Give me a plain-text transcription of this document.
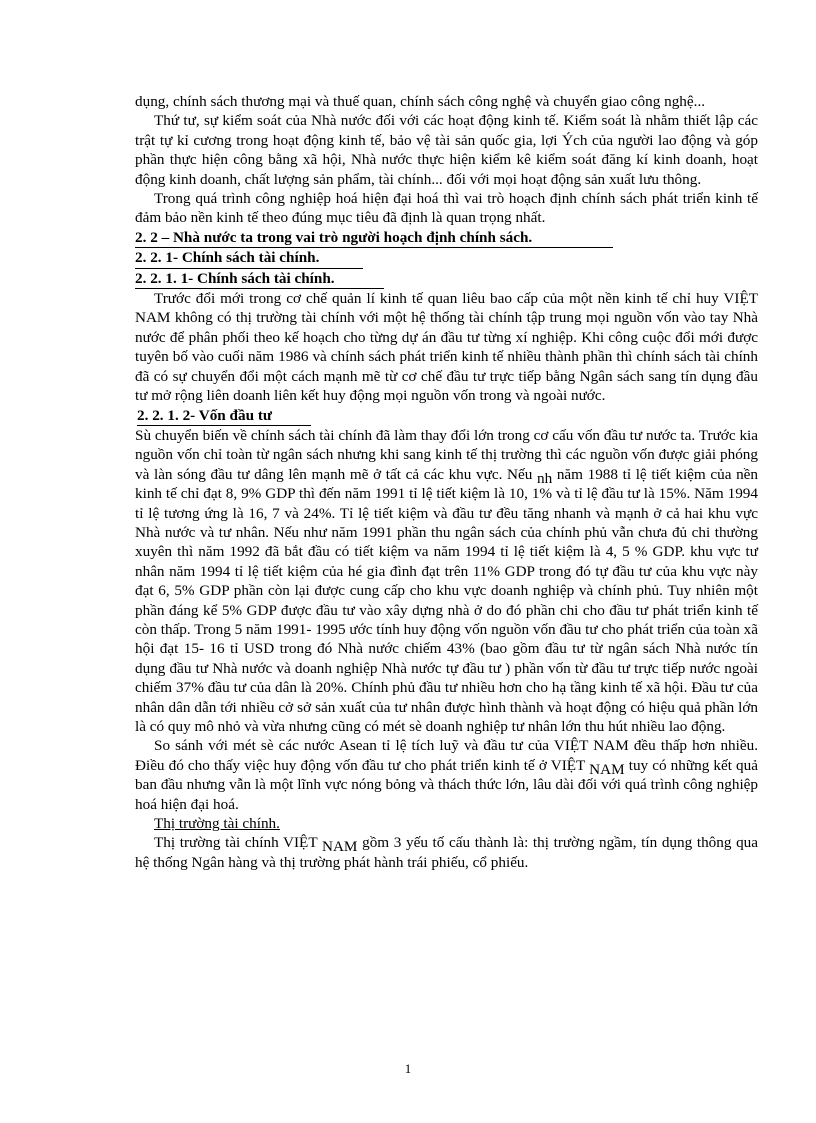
dụng, chính sách thương mại và thuế quan, chính sách công nghệ và chuyển giao công nghệ...

Thứ tư, sự kiểm soát của Nhà nước đối với các hoạt động kinh tế. Kiểm soát là nhằm thiết lập các trật tự kỉ cương trong hoạt động kinh tế, bảo vệ tài sản quốc gia, lợi Ých của người lao động và góp phần thực hiện công bằng xã hội, Nhà nước thực hiện kiểm kê kiểm soát đăng kí kinh doanh, hoạt động kinh doanh, chất lượng sản phẩm, tài chính... đối với mọi hoạt động sản xuất lưu thông.

Trong quá trình công nghiệp hoá hiện đại hoá thì vai trò hoạch định chính sách phát triển kinh tế đảm bảo nền kinh tế theo đúng mục tiêu đã định là quan trọng nhất.

2. 2 – Nhà nước ta trong vai trò người hoạch định chính sách.
2. 2. 1- Chính sách tài chính.
2. 2. 1. 1- Chính sách tài chính.

Trước đổi mới trong cơ chế quản lí kinh tế quan liêu bao cấp của một nền kinh tế chỉ huy VIỆT NAM không có thị trường tài chính với một hệ thống tài chính tập trung mọi nguồn vốn vào tay Nhà nước để phân phối theo kế hoạch cho từng dự án đầu tư từng xí nghiệp. Khi công cuộc đổi mới được tuyên bố vào cuối năm 1986 và chính sách phát triển kinh tế nhiều thành phần thì chính sách tài chính đã có sự chuyển đổi một cách mạnh mẽ từ cơ chế đầu tư trực tiếp bằng Ngân sách sang tín dụng đầu tư mở rộng liên doanh liên kết huy động mọi nguồn vốn trong và ngoài nước.

2. 2. 1. 2- Vốn đầu tư

Sù chuyển biến về chính sách tài chính đã làm thay đổi lớn trong cơ cấu vốn đầu tư nước ta. Trước kia nguồn vốn chỉ toàn từ ngân sách nhưng khi sang kinh tế thị trường thì các nguồn vốn được giải phóng và làn sóng đầu tư dâng lên mạnh mẽ ở tất cả các khu vực. Nếu nh năm 1988 tỉ lệ tiết kiệm của nền kinh tế chỉ đạt 8, 9% GDP thì đến năm 1991 tỉ lệ tiết kiệm là 10, 1% và tỉ lệ đầu tư là 15%. Năm 1994 tỉ lệ tương ứng là 16, 7 và 24%. Tỉ lệ tiết kiệm và đầu tư đều tăng nhanh và mạnh ở cả hai khu vực Nhà nước và tư nhân. Nếu như năm 1991 phần thu ngân sách của chính phủ vẫn chưa đủ chi thường xuyên thì năm 1992 đã bắt đầu có tiết kiệm va năm 1994 tỉ lệ tiết kiệm là 4, 5 % GDP. khu vực tư nhân năm 1994 tỉ lệ tiết kiệm của hé gia đình đạt trên 11% GDP trong đó tự đầu tư của khu vực này đạt 6, 5% GDP phần còn lại được cung cấp cho khu vực doanh nghiệp và chính phủ. Tuy nhiên một phần đáng kể 5% GDP được đầu tư vào xây dựng nhà ở do đó phần chi cho đầu tư phát triển kinh tế còn thấp. Trong 5 năm 1991- 1995 ước tính huy động vốn nguồn vốn đầu tư cho phát triển của toàn xã hội đạt 15- 16 tỉ USD trong đó Nhà nước chiếm 43% (bao gồm đầu tư từ ngân sách Nhà nước tín dụng đầu tư Nhà nước và doanh nghiệp Nhà nước tự đầu tư ) phần vốn từ đầu tư trực tiếp nước ngoài chiếm 37% đầu tư của dân là 20%. Chính phủ đầu tư nhiều hơn cho hạ tầng kinh tế xã hội. Đầu tư của nhân dân dẫn tới nhiều cở sở sản xuất của tư nhân được hình thành và hoạt động có hiệu quả phần lớn là có quy mô nhỏ và vừa nhưng cũng có mét sè doanh nghiệp tư nhân lớn thu hút nhiều lao động.

So sánh với mét sè các nước Asean tỉ lệ tích luỹ và đầu tư của VIỆT NAM đều thấp hơn nhiều. Điều đó cho thấy việc huy động vốn đầu tư cho phát triển kinh tế ở VIỆT NAM tuy có những kết quả ban đầu nhưng vẫn là một lĩnh vực nóng bỏng và thách thức lớn, lâu dài đối với quá trình công nghiệp hoá hiện đại hoá.

Thị trường tài chính.

Thị trường tài chính VIỆT NAM gồm 3 yếu tố cấu thành là: thị trường ngầm, tín dụng thông qua hệ thống Ngân hàng và thị trường phát hành trái phiếu, cổ phiếu.

1
